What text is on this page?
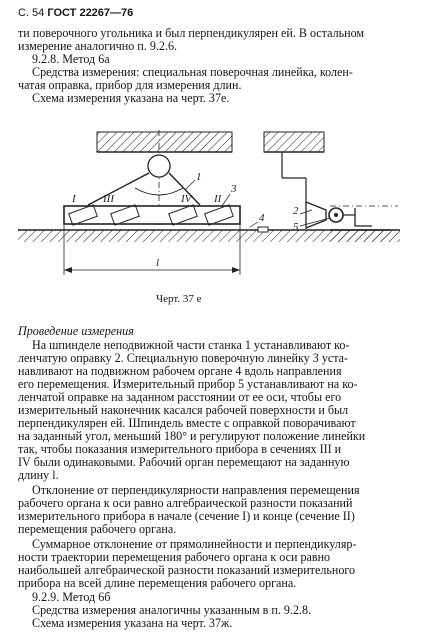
С. 54 ГОСТ 22267—76
ти поверочного угольника и был перпендикулярен ей. В остальном
измерение аналогично п. 9.2.6.
9.2.8. Метод 6а
Средства измерения: специальная поверочная линейка, колен-
чатая оправка, прибор для измерения длин.
Схема измерения указана на черт. 37е.
1
2
3
4
5
I	II
III	IV
l
Черт. 37 е
Проведение измерения
На шпинделе неподвижной части станка 1 устанавливают ко-
ленчатую оправку 2. Специальную поверочную линейку 3 уста-
навливают на подвижном рабочем органе 4 вдоль направления
его перемещения. Измерительный прибор 5 устанавливают на ко-
ленчатой оправке на заданном расстоянии от ее оси, чтобы его
измерительный наконечник касался рабочей поверхности и был
перпендикулярен ей. Шпиндель вместе с оправкой поворачивают
на заданный угол, меньший 180° и регулируют положение линейки
так, чтобы показания измерительного прибора в сечениях III и
IV были одинаковыми. Рабочий орган перемещают на заданную
длину l.
Отклонение от перпендикулярности направления перемещения
рабочего органа к оси равно алгебраической разности показаний
измерительного прибора в начале (сечение I) и конце (сечение II)
перемещения рабочего органа.
Суммарное отклонение от прямолинейности и перпендикуляр-
ности траектории перемещения рабочего органа к оси равно
наибольшей алгебраической разности показаний измерительного
прибора на всей длине перемещения рабочего органа.
9.2.9. Метод 6б
Средства измерения аналогичны указанным в п. 9.2.8.
Схема измерения указана на черт. 37ж.
